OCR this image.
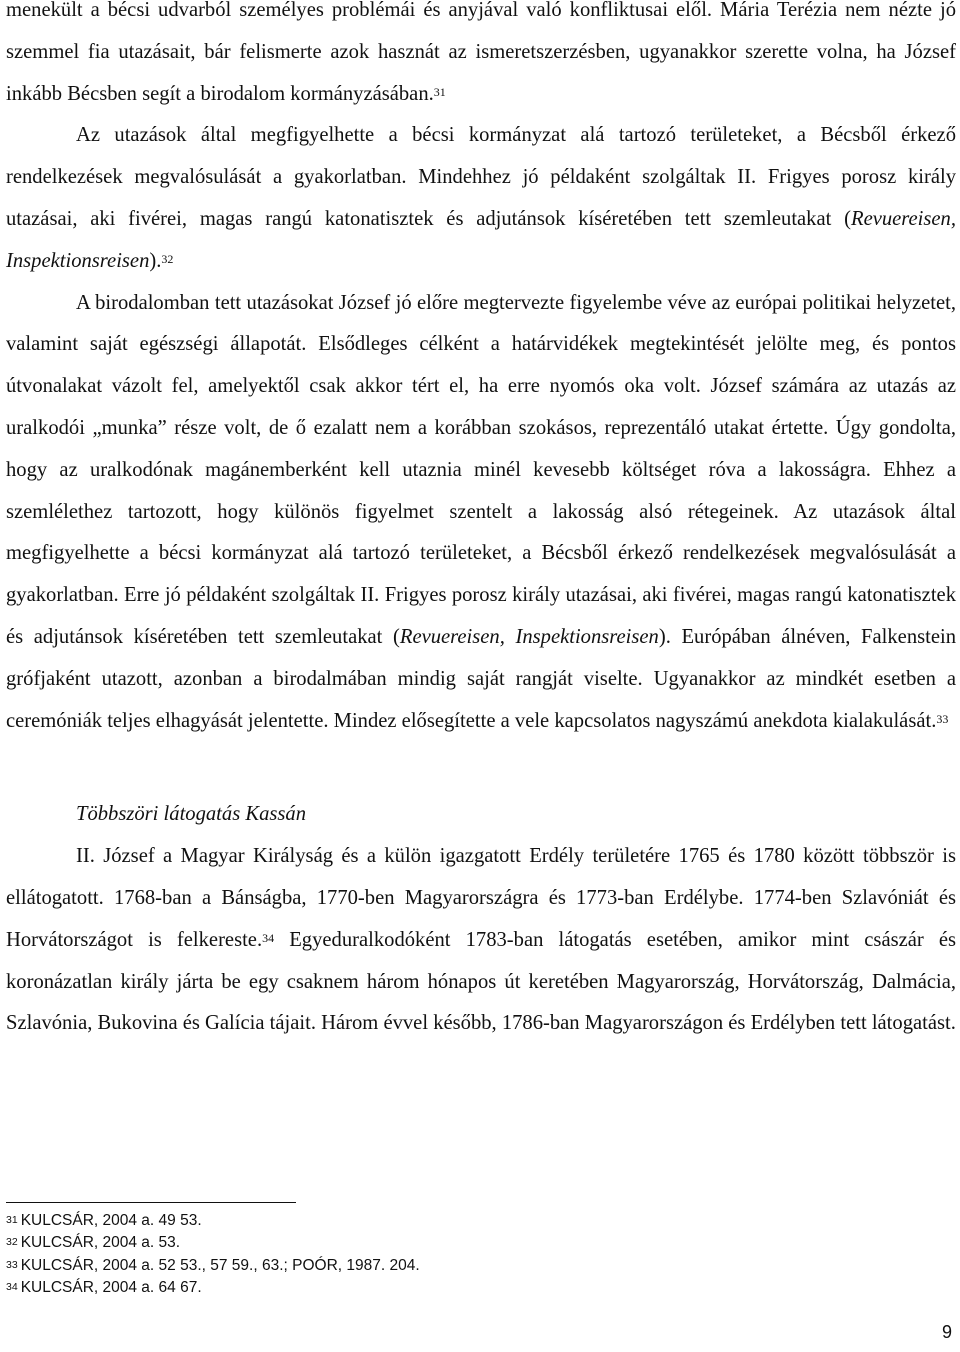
menekült a bécsi udvarból személyes problémái és anyjával való konfliktusai elől. Mária Terézia nem nézte jó szemmel fia utazásait, bár felismerte azok hasznát az ismeretszerzésben, ugyanakkor szerette volna, ha József inkább Bécsben segít a birodalom kormányzásában.$^{31}$

Az utazások által megfigyelhette a bécsi kormányzat alá tartozó területeket, a Bécsből érkező rendelkezések megvalósulását a gyakorlatban. Mindehhez jó példaként szolgáltak II. Frigyes porosz király utazásai, aki fivérei, magas rangú katonatisztek és adjutánsok kíséretében tett szemleutakat (Revuereisen, Inspektionsreisen).$^{32}$

A birodalomban tett utazásokat József jó előre megtervezte figyelembe véve az európai politikai helyzetet, valamint saját egészségi állapotát. Elsődleges célként a határvidékek megtekintését jelölte meg, és pontos útvonalakat vázolt fel, amelyektől csak akkor tért el, ha erre nyomós oka volt. József számára az utazás az uralkodói „munka” része volt, de ő ezalatt nem a korábban szokásos, reprezentáló utakat értette. Úgy gondolta, hogy az uralkodónak magánemberként kell utaznia minél kevesebb költséget róva a lakosságra. Ehhez a szemlélethez tartozott, hogy különös figyelmet szentelt a lakosság alsó rétegeinek. Az utazások által megfigyelhette a bécsi kormányzat alá tartozó területeket, a Bécsből érkező rendelkezések megvalósulását a gyakorlatban. Erre jó példaként szolgáltak II. Frigyes porosz király utazásai, aki fivérei, magas rangú katonatisztek és adjutánsok kíséretében tett szemleutakat (Revuereisen, Inspektionsreisen). Európában álnéven, Falkenstein grófjaként utazott, azonban a birodalmában mindig saját rangját viselte. Ugyanakkor az mindkét esetben a ceremóniák teljes elhagyását jelentette. Mindez elősegítette a vele kapcsolatos nagyszámú anekdota kialakulását.$^{33}$

Többszöri látogatás Kassán

II. József a Magyar Királyság és a külön igazgatott Erdély területére 1765 és 1780 között többször is ellátogatott. 1768-ban a Bánságba, 1770-ben Magyarországra és 1773-ban Erdélybe. 1774-ben Szlavóniát és Horvátországot is felkereste.$^{34}$ Egyeduralkodóként 1783-ban látogatás esetében, amikor mint császár és koronázatlan király járta be egy csaknem három hónapos út keretében Magyarország, Horvátország, Dalmácia, Szlavónia, Bukovina és Galícia tájait. Három évvel később, 1786-ban Magyarországon és Erdélyben tett látogatást.

$^{31}$ KULCSÁR, 2004 a. 49 53.
$^{32}$ KULCSÁR, 2004 a. 53.
$^{33}$ KULCSÁR, 2004 a. 52 53., 57 59., 63.; POÓR, 1987. 204.
$^{34}$ KULCSÁR, 2004 a. 64 67.
9
